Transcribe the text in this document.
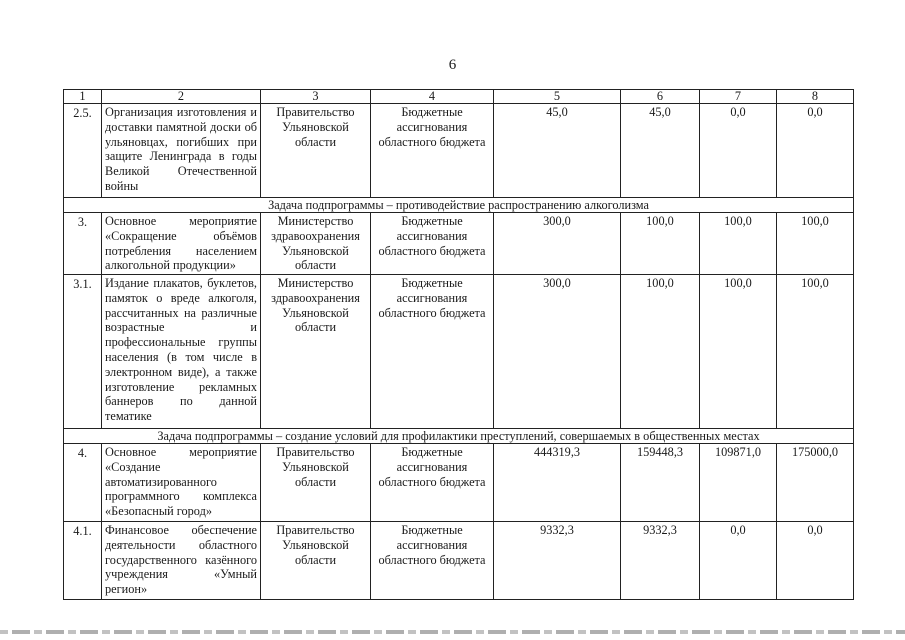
6
1	2	3	4	5	6	7	8
2.5.	Организация изготовления и доставки памятной доски об ульяновцах, погибших при защите Ленинграда в годы Великой Отечественной войны	Правительство Ульяновской области	Бюджетные ассигнования областного бюджета	45,0	45,0	0,0	0,0
Задача подпрограммы – противодействие распространению алкоголизма							
3.	Основное мероприятие «Сокращение объёмов потребления населением алкогольной продукции»	Министерство здравоохранения Ульяновской области	Бюджетные ассигнования областного бюджета	300,0	100,0	100,0	100,0
3.1.	Издание плакатов, буклетов, памяток о вреде алкоголя, рассчитанных на различные возрастные и профессиональные группы населения (в том числе в электронном виде), а также изготовление рекламных баннеров по данной тематике	Министерство здравоохранения Ульяновской области	Бюджетные ассигнования областного бюджета	300,0	100,0	100,0	100,0
Задача подпрограммы – создание условий для профилактики преступлений, совершаемых в общественных местах							
4.	Основное мероприятие «Создание автоматизированного программного комплекса «Безопасный город»	Правительство Ульяновской области	Бюджетные ассигнования областного бюджета	444319,3	159448,3	109871,0	175000,0
4.1.	Финансовое обеспечение деятельности областного государственного казённого учреждения «Умный регион»	Правительство Ульяновской области	Бюджетные ассигнования областного бюджета	9332,3	9332,3	0,0	0,0
